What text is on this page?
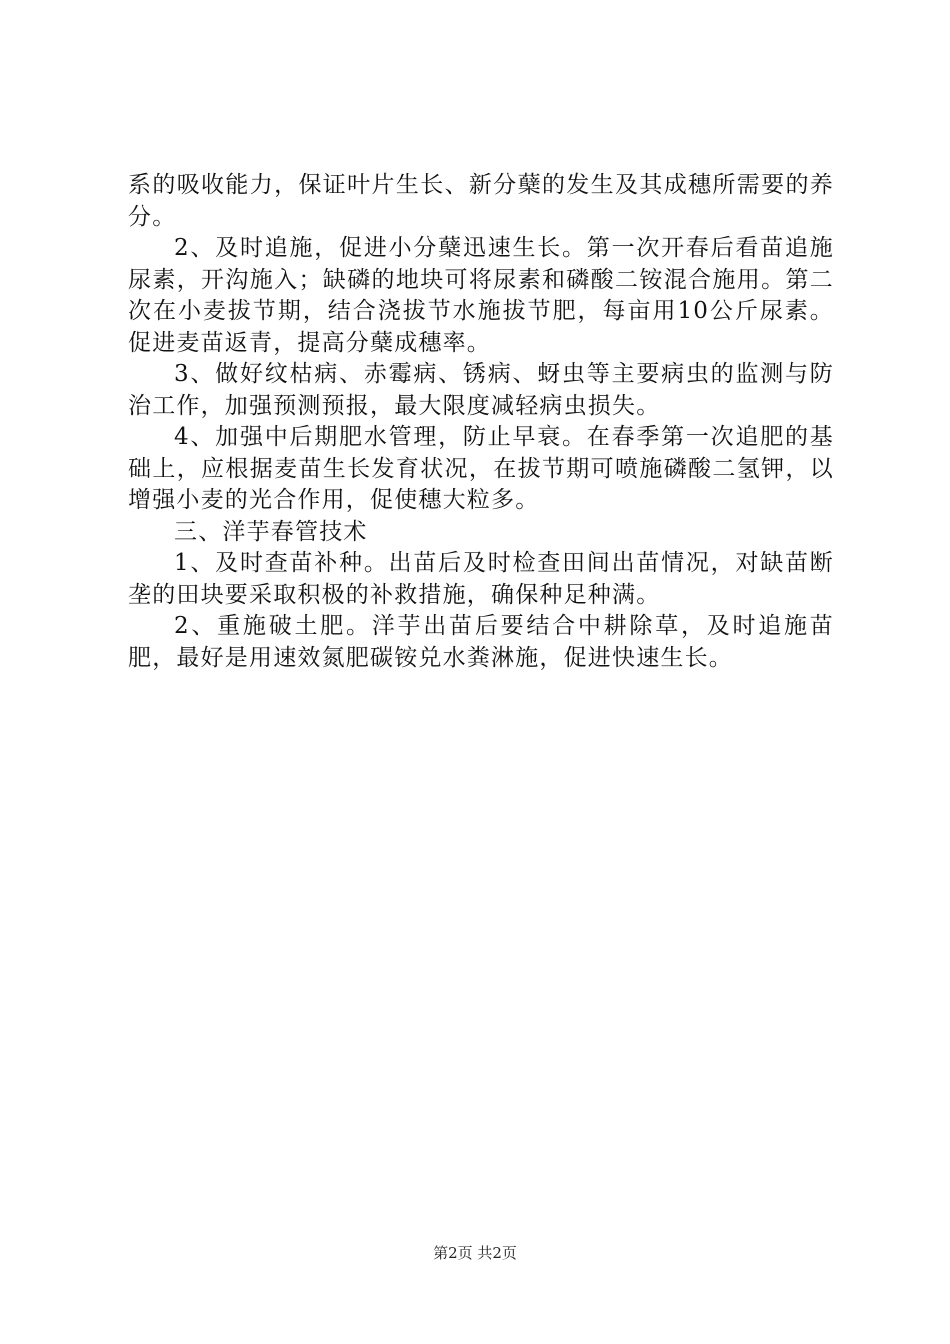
系的吸收能力，保证叶片生长、新分蘖的发生及其成穗所需要的养分。

2、及时追施，促进小分蘖迅速生长。第一次开春后看苗追施尿素，开沟施入；缺磷的地块可将尿素和磷酸二铵混合施用。第二次在小麦拔节期，结合浇拔节水施拔节肥，每亩用10公斤尿素。促进麦苗返青，提高分蘖成穗率。

3、做好纹枯病、赤霉病、锈病、蚜虫等主要病虫的监测与防治工作，加强预测预报，最大限度减轻病虫损失。

4、加强中后期肥水管理，防止早衰。在春季第一次追肥的基础上，应根据麦苗生长发育状况，在拔节期可喷施磷酸二氢钾，以增强小麦的光合作用，促使穗大粒多。

三、洋芋春管技术

1、及时查苗补种。出苗后及时检查田间出苗情况，对缺苗断垄的田块要采取积极的补救措施，确保种足种满。

2、重施破土肥。洋芋出苗后要结合中耕除草，及时追施苗肥，最好是用速效氮肥碳铵兑水粪淋施，促进快速生长。

第2页 共2页
